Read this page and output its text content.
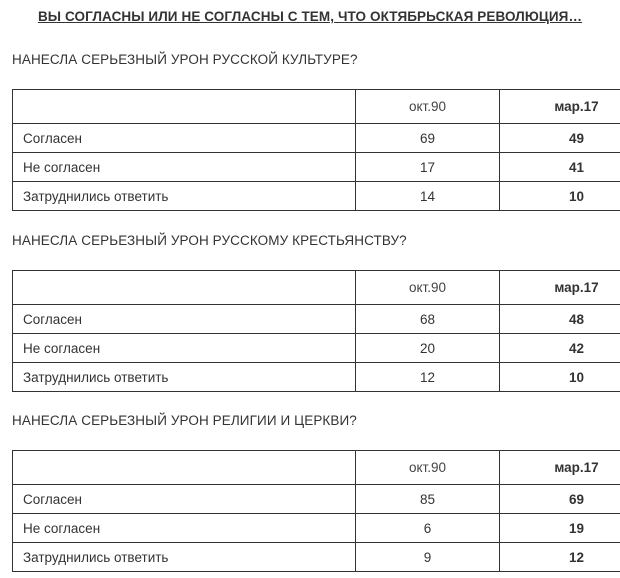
ВЫ СОГЛАСНЫ ИЛИ НЕ СОГЛАСНЫ С ТЕМ, ЧТО ОКТЯБРЬСКАЯ РЕВОЛЮЦИЯ…
НАНЕСЛА СЕРЬЕЗНЫЙ УРОН РУССКОЙ КУЛЬТУРЕ?
	окт.90	мар.17
Согласен	69	49
Не согласен	17	41
Затруднились ответить	14	10
НАНЕСЛА СЕРЬЕЗНЫЙ УРОН РУССКОМУ КРЕСТЬЯНСТВУ?
	окт.90	мар.17
Согласен	68	48
Не согласен	20	42
Затруднились ответить	12	10
НАНЕСЛА СЕРЬЕЗНЫЙ УРОН РЕЛИГИИ И ЦЕРКВИ?
	окт.90	мар.17
Согласен	85	69
Не согласен	6	19
Затруднились ответить	9	12
